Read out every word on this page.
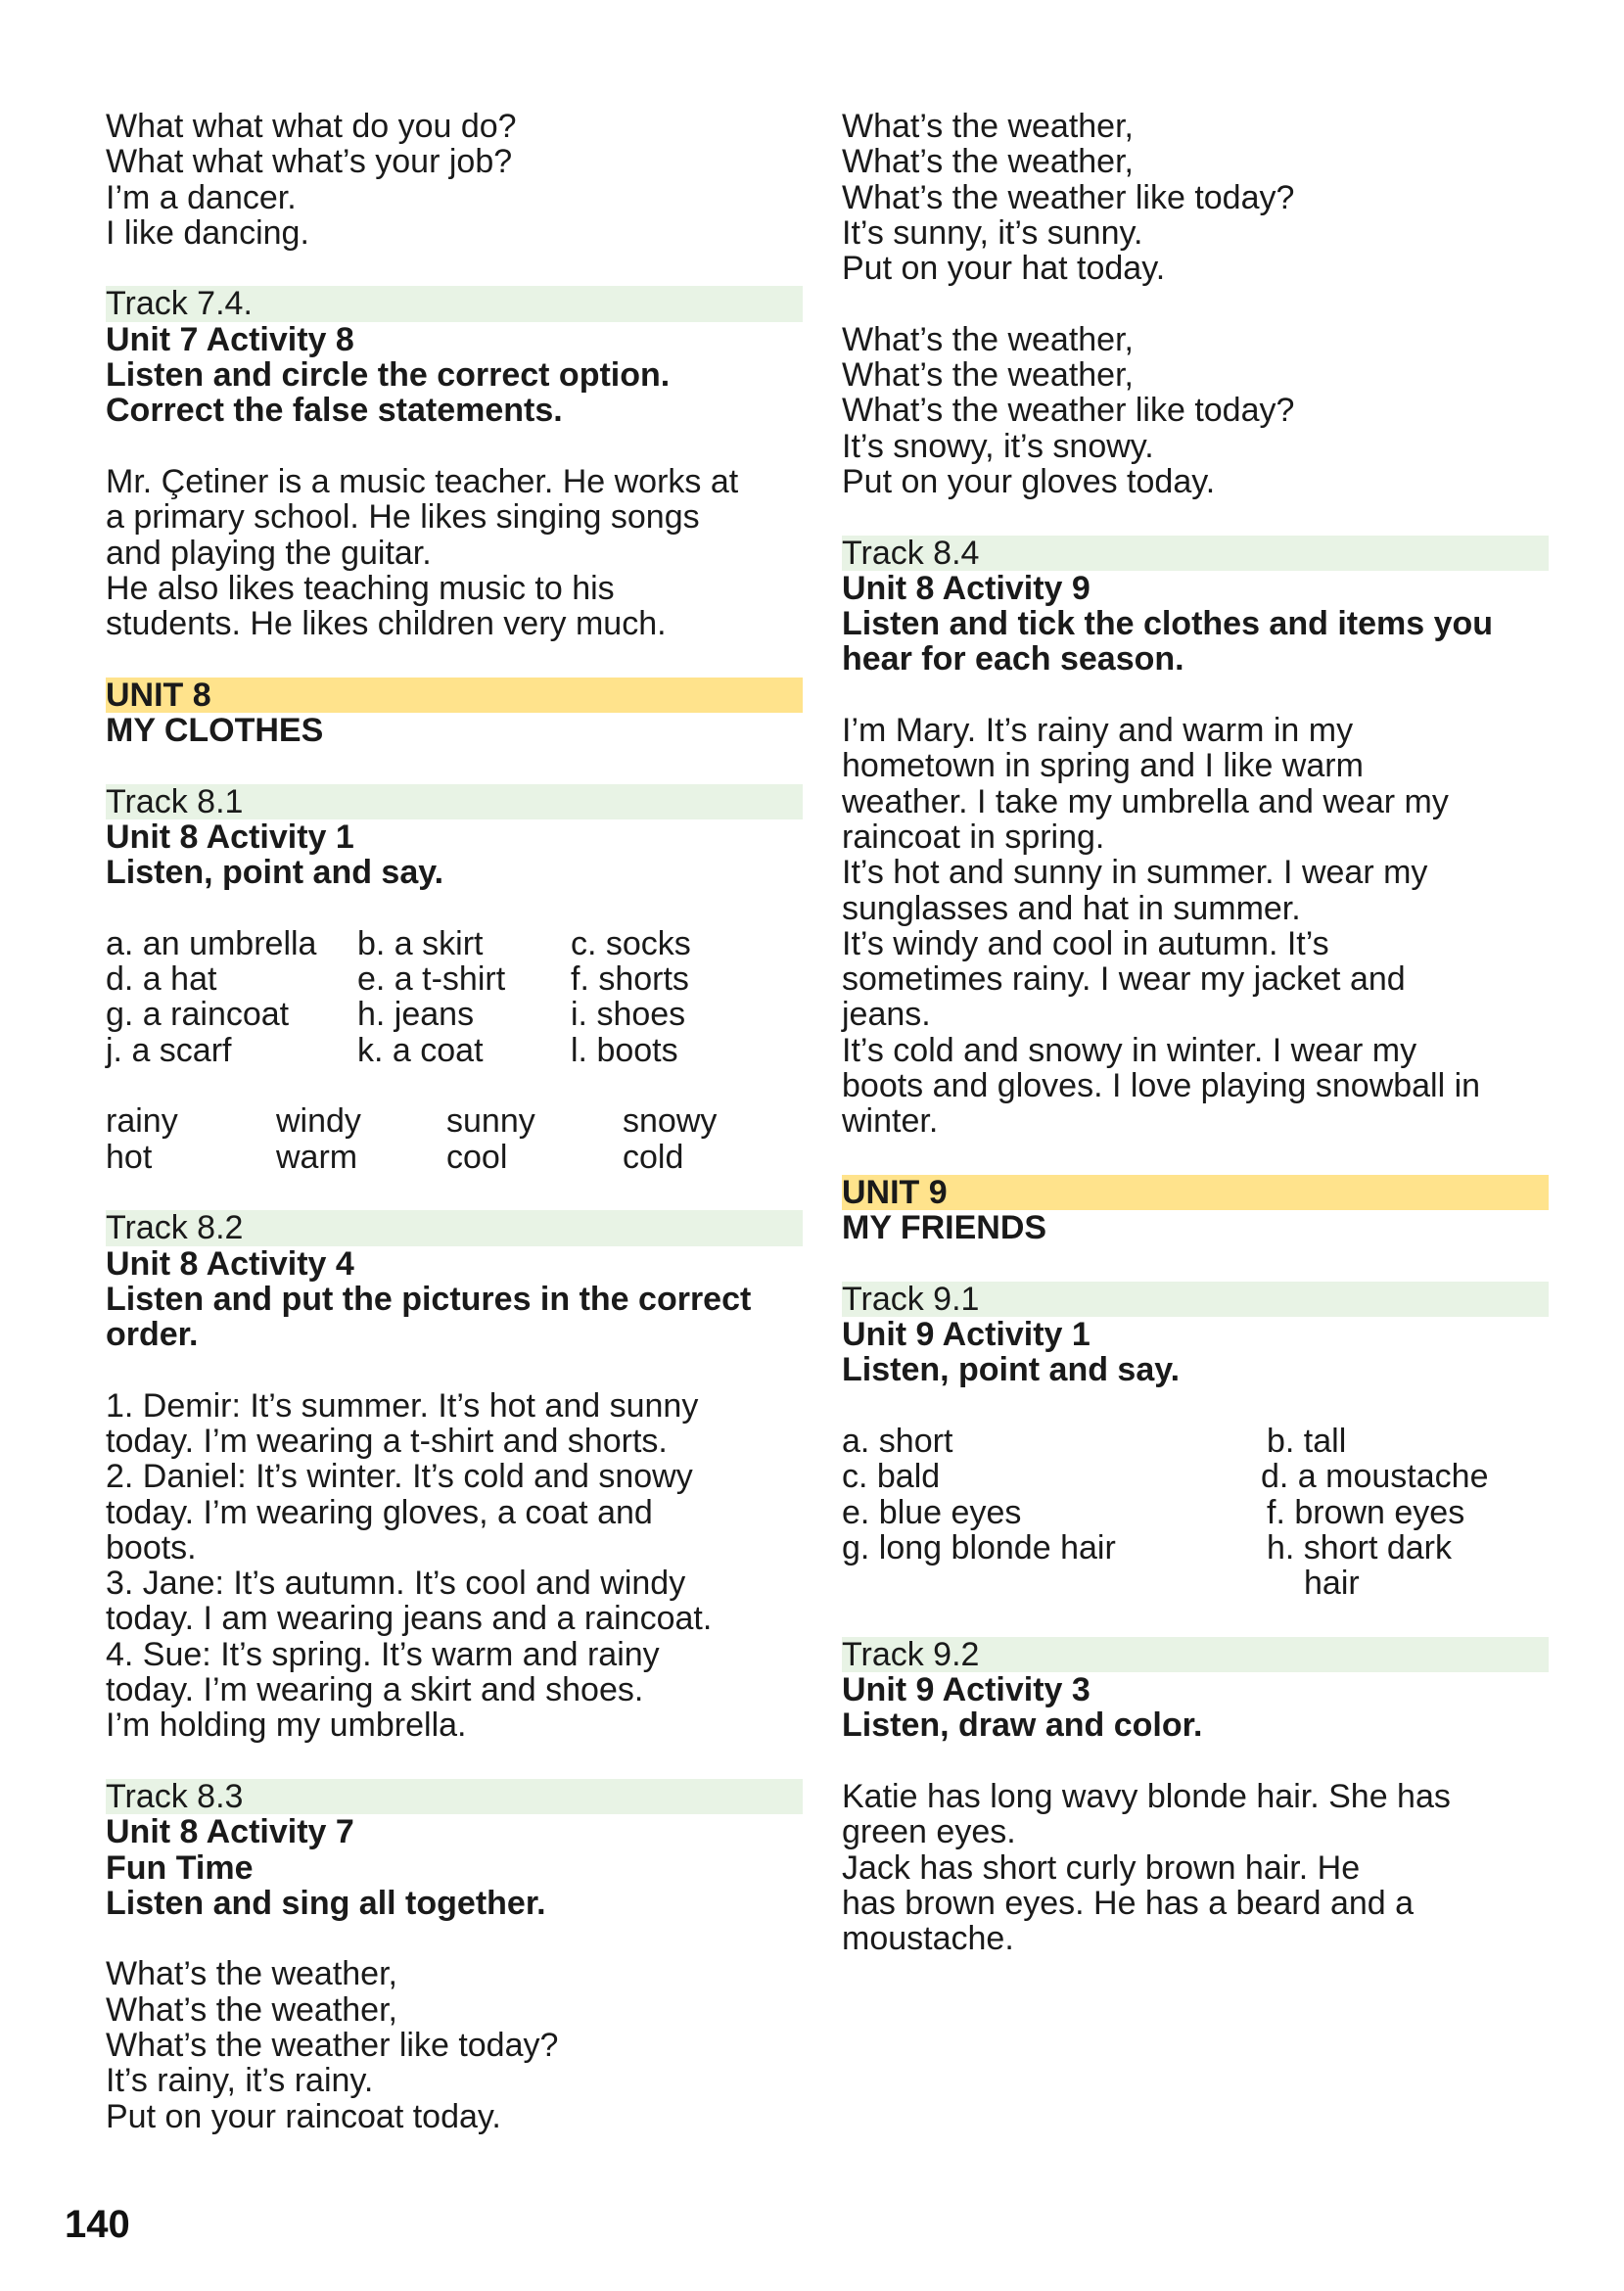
What what what do you do?
What what what’s your job?
I’m a dancer.
I like dancing.
Track 7.4.
Unit 7 Activity 8
Listen and circle the correct option.
Correct the false statements.
Mr. Çetiner is a music teacher. He works at
a primary school. He likes singing songs
and playing the guitar.
He also likes teaching music to his
students. He likes children very much.
UNIT 8
MY CLOTHES
Track 8.1
Unit 8 Activity 1
Listen, point and say.
a. an umbrella	b. a skirt	c. socks
d. a hat	e. a t-shirt	f. shorts
g. a raincoat	h. jeans	i. shoes
j. a scarf	k. a coat	l. boots
rainy	windy	sunny	snowy
hot	warm	cool	cold
Track 8.2
Unit 8 Activity 4
Listen and put the pictures in the correct
order.
1. Demir: It’s summer. It’s hot and sunny
today. I’m wearing a t-shirt and shorts.
2. Daniel: It’s winter. It’s cold and snowy
today. I’m wearing gloves, a coat and
boots.
3. Jane: It’s autumn. It’s cool and windy
today. I am wearing jeans and a raincoat.
4. Sue: It’s spring. It’s warm and rainy
today. I’m wearing a skirt and shoes.
I’m holding my umbrella.
Track 8.3
Unit 8 Activity 7
Fun Time
Listen and sing all together.
What’s the weather,
What’s the weather,
What’s the weather like today?
It’s rainy, it’s rainy.
Put on your raincoat today.
What’s the weather,
What’s the weather,
What’s the weather like today?
It’s sunny, it’s sunny.
Put on your hat today.
What’s the weather,
What’s the weather,
What’s the weather like today?
It’s snowy, it’s snowy.
Put on your gloves today.
Track 8.4
Unit 8 Activity 9
Listen and tick the clothes and items you
hear for each season.
I’m Mary. It’s rainy and warm in my
hometown in spring and I like warm
weather. I take my umbrella and wear my
raincoat in spring.
It’s hot and sunny in summer. I wear my
sunglasses and hat in summer.
It’s windy and cool in autumn. It’s
sometimes rainy. I wear my jacket and
jeans.
It’s cold and snowy in winter. I wear my
boots and gloves. I love playing snowball in
winter.
UNIT 9
MY FRIENDS
Track 9.1
Unit 9 Activity 1
Listen, point and say.
a. short	b. tall
c. bald	d. a moustache
e. blue eyes	f. brown eyes
g. long blonde hair	h. short dark
hair
Track 9.2
Unit 9 Activity 3
Listen, draw and color.
Katie has long wavy blonde hair. She has
green eyes.
Jack has short curly brown hair. He
has brown eyes. He has a beard and a
moustache.
140
